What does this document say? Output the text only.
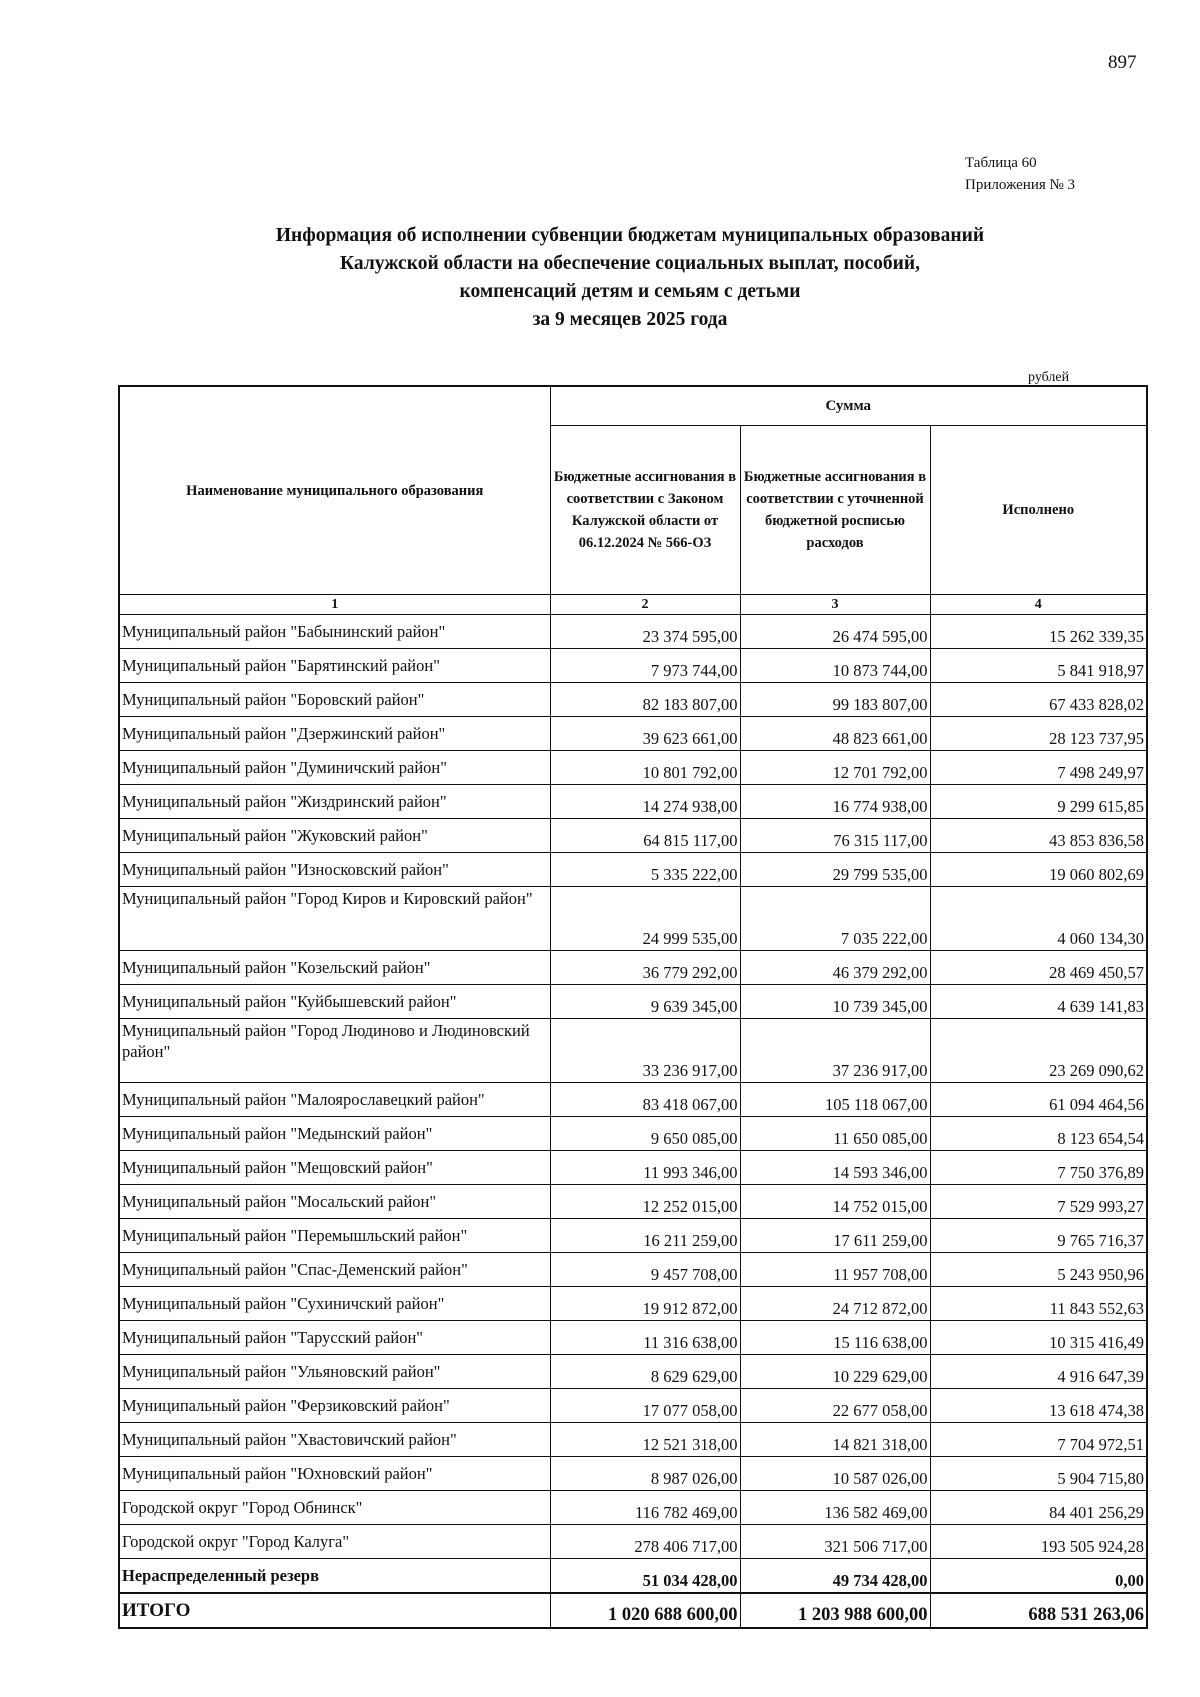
897
Таблица 60
Приложения № 3
Информация об исполнении субвенции бюджетам муниципальных образований
Калужской области на обеспечение социальных выплат, пособий,
компенсаций детям и семьям с детьми
за 9 месяцев 2025 года
рублей
Наименование муниципального образования	Сумма		
	Бюджетные ассигнования в соответствии с Законом Калужской области от 06.12.2024 № 566-ОЗ	Бюджетные ассигнования в соответствии с уточненной бюджетной росписью расходов	Исполнено
1	2	3	4
Муниципальный район "Бабынинский район"	23 374 595,00	26 474 595,00	15 262 339,35
Муниципальный район "Барятинский район"	7 973 744,00	10 873 744,00	5 841 918,97
Муниципальный район "Боровский район"	82 183 807,00	99 183 807,00	67 433 828,02
Муниципальный район "Дзержинский район"	39 623 661,00	48 823 661,00	28 123 737,95
Муниципальный район "Думиничский район"	10 801 792,00	12 701 792,00	7 498 249,97
Муниципальный район "Жиздринский район"	14 274 938,00	16 774 938,00	9 299 615,85
Муниципальный район "Жуковский район"	64 815 117,00	76 315 117,00	43 853 836,58
Муниципальный район "Износковский район"	5 335 222,00	29 799 535,00	19 060 802,69
Муниципальный район "Город Киров и Кировский район"	24 999 535,00	7 035 222,00	4 060 134,30
Муниципальный район "Козельский район"	36 779 292,00	46 379 292,00	28 469 450,57
Муниципальный район "Куйбышевский район"	9 639 345,00	10 739 345,00	4 639 141,83
Муниципальный район "Город Людиново и Людиновский район"	33 236 917,00	37 236 917,00	23 269 090,62
Муниципальный район "Малоярославецкий район"	83 418 067,00	105 118 067,00	61 094 464,56
Муниципальный район "Медынский район"	9 650 085,00	11 650 085,00	8 123 654,54
Муниципальный район "Мещовский район"	11 993 346,00	14 593 346,00	7 750 376,89
Муниципальный район "Мосальский район"	12 252 015,00	14 752 015,00	7 529 993,27
Муниципальный район "Перемышльский район"	16 211 259,00	17 611 259,00	9 765 716,37
Муниципальный район "Спас-Деменский район"	9 457 708,00	11 957 708,00	5 243 950,96
Муниципальный район "Сухиничский район"	19 912 872,00	24 712 872,00	11 843 552,63
Муниципальный район "Тарусский район"	11 316 638,00	15 116 638,00	10 315 416,49
Муниципальный район "Ульяновский район"	8 629 629,00	10 229 629,00	4 916 647,39
Муниципальный район "Ферзиковский район"	17 077 058,00	22 677 058,00	13 618 474,38
Муниципальный район "Хвастовичский район"	12 521 318,00	14 821 318,00	7 704 972,51
Муниципальный район "Юхновский район"	8 987 026,00	10 587 026,00	5 904 715,80
Городской округ "Город Обнинск"	116 782 469,00	136 582 469,00	84 401 256,29
Городской округ "Город Калуга"	278 406 717,00	321 506 717,00	193 505 924,28
Нераспределенный резерв	51 034 428,00	49 734 428,00	0,00
ИТОГО	1 020 688 600,00	1 203 988 600,00	688 531 263,06
